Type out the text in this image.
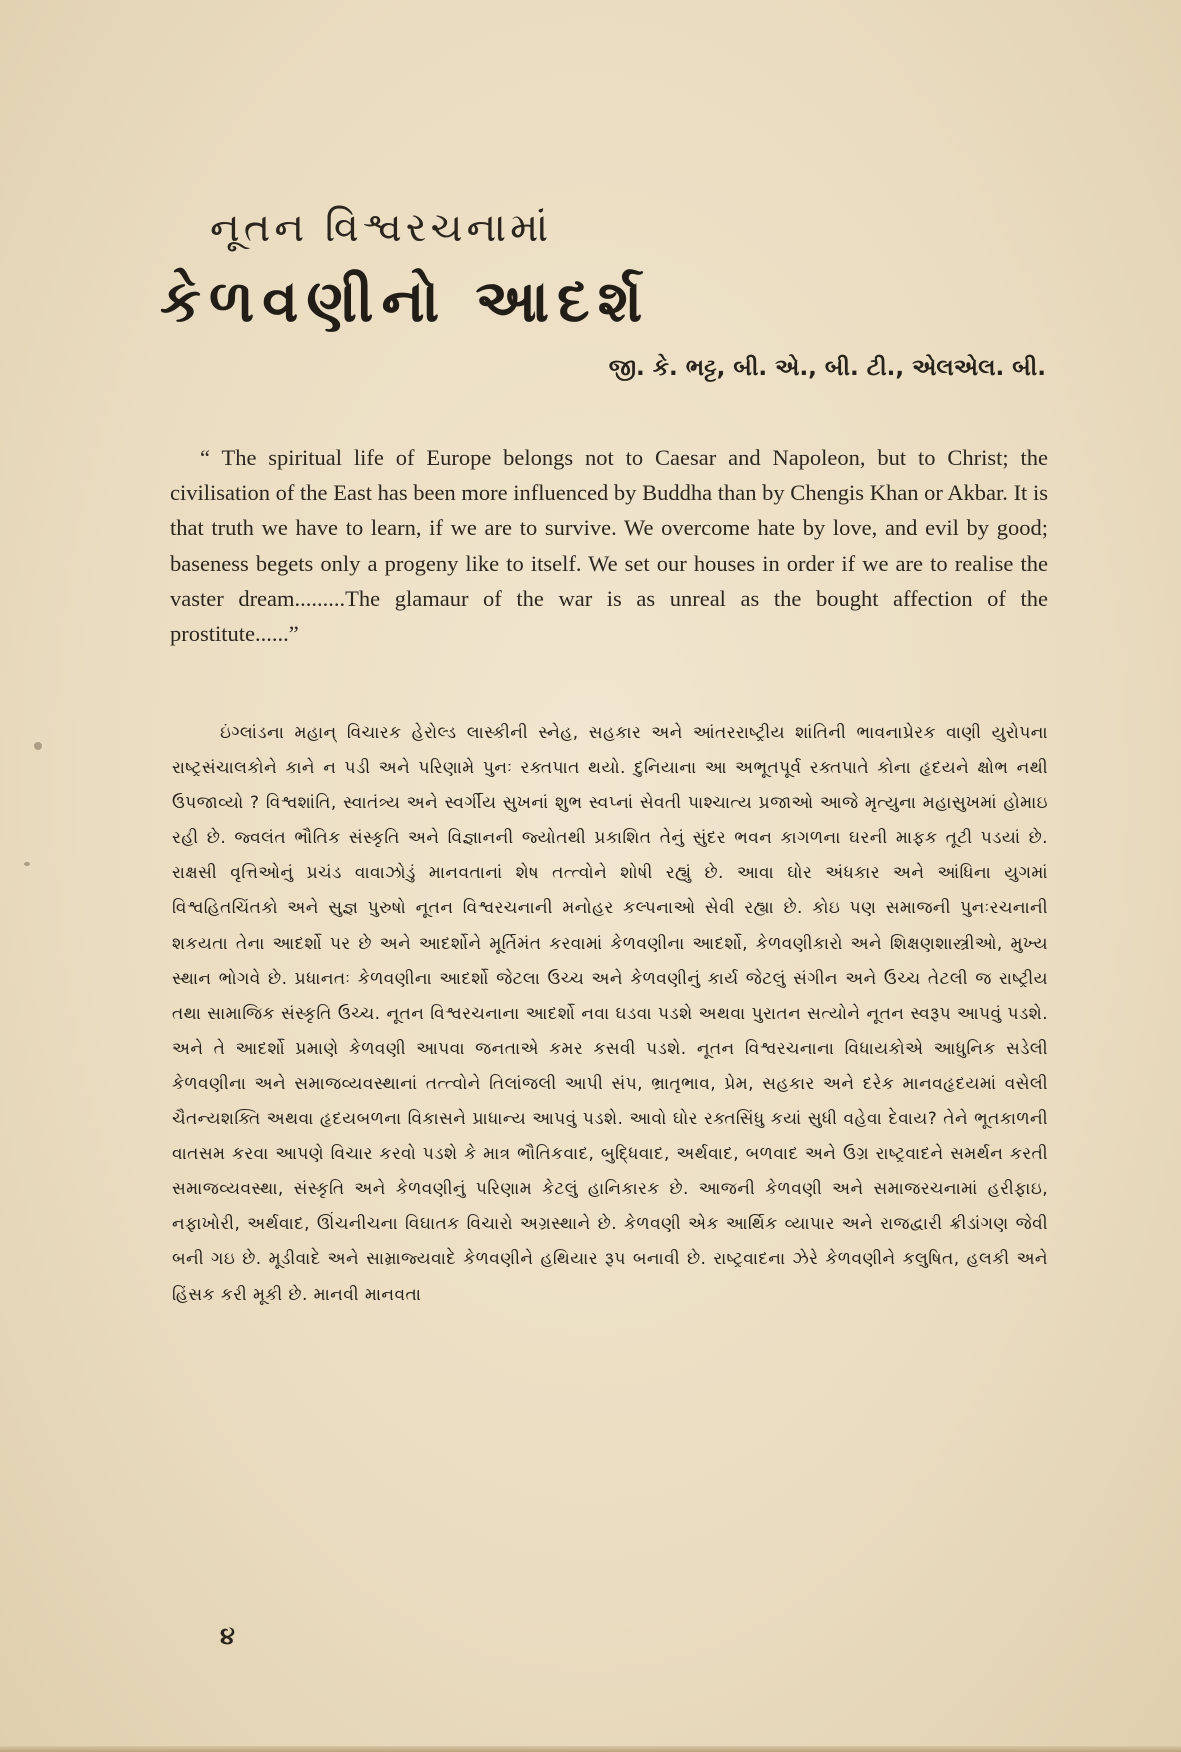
નૂતન વિશ્વરચનામાં
કેળવણીનો આદર્શ
જી. કે. ભટ્ટ, બી. એ., બી. ટી., એલએલ. બી.

“ The spiritual life of Europe belongs not to Caesar and Napoleon, but to Christ; the civilisation of the East has been more influenced by Buddha than by Chengis Khan or Akbar. It is that truth we have to learn, if we are to survive. We overcome hate by love, and evil by good; baseness begets only a progeny like to itself. We set our houses in order if we are to realise the vaster dream.........The glamaur of the war is as unreal as the bought affection of the prostitute......”

ઇંગ્લાંડના મહાન્ વિચારક હેરોલ્ડ લાસ્કીની સ્નેહ, સહકાર અને આંતરરાષ્ટ્રીય શાંતિની ભાવનાપ્રેરક વાણી યુરોપના રાષ્ટ્રસંચાલકોને કાને ન પડી અને પરિણામે પુનઃ રક્તપાત થયો. દુનિયાના આ અભૂતપૂર્વ રક્તપાતે કોના હૃદયને ક્ષોભ નથી ઉપજાવ્યો ? વિશ્વશાંતિ, સ્વાતંત્ર્ય અને સ્વર્ગીય સુખનાં શુભ સ્વપ્નાં સેવતી પાશ્ચાત્ય પ્રજાઓ આજે મૃત્યુના મહાસુખમાં હોમાઇ રહી છે. જ્વલંત ભૌતિક સંસ્કૃતિ અને વિજ્ઞાનની જ્યોતથી પ્રકાશિત તેનું સુંદર ભવન કાગળના ઘરની માફક તૂટી પડયાં છે. રાક્ષસી વૃત્તિઓનું પ્રચંડ વાવાઝોડું માનવતાનાં શેષ તત્ત્વોને શોષી રહ્યું છે. આવા ઘોર અંધકાર અને આંધિના યુગમાં વિશ્વહિતચિંતકો અને સુજ્ઞ પુરુષો નૂતન વિશ્વરચનાની મનોહર કલ્પનાઓ સેવી રહ્યા છે. કોઇ પણ સમાજની પુનઃરચનાની શકયતા તેના આદર્શો પર છે અને આદર્શોને મૂર્તિમંત કરવામાં કેળવણીના આદર્શો, કેળવણીકારો અને શિક્ષણશાસ્ત્રીઓ, મુખ્ય સ્થાન ભોગવે છે. પ્રધાનતઃ કેળવણીના આદર્શો જેટલા ઉચ્ચ અને કેળવણીનું કાર્ય જેટલું સંગીન અને ઉચ્ચ તેટલી જ રાષ્ટ્રીય તથા સામાજિક સંસ્કૃતિ ઉચ્ચ. નૂતન વિશ્વરચનાના આદર્શો નવા ઘડવા પડશે અથવા પુરાતન સત્યોને નૂતન સ્વરૂપ આપવું પડશે. અને તે આદર્શો પ્રમાણે કેળવણી આપવા જનતાએ કમર કસવી પડશે. નૂતન વિશ્વરચનાના વિધાયકોએ આધુનિક સડેલી કેળવણીના અને સમાજવ્યવસ્થાનાં તત્ત્વોને તિલાંજલી આપી સંપ, ભ્રાતૃભાવ, પ્રેમ, સહકાર અને દરેક માનવહૃદયમાં વસેલી ચૈતન્યશક્તિ અથવા હૃદયબળના વિકાસને પ્રાધાન્ય આપવું પડશે. આવો ઘોર રક્તસિંધુ કયાં સુધી વહેવા દેવાય? તેને ભૂતકાળની વાતસમ કરવા આપણે વિચાર કરવો પડશે કે માત્ર ભૌતિકવાદ, બુદ્ધિવાદ, અર્થવાદ, બળવાદ અને ઉગ્ર રાષ્ટ્રવાદને સમર્થન કરતી સમાજવ્યવસ્થા, સંસ્કૃતિ અને કેળવણીનું પરિણામ કેટલું હાનિકારક છે. આજની કેળવણી અને સમાજરચનામાં હરીફાઇ, નફાખોરી, અર્થવાદ, ઊંચનીચના વિઘાતક વિચારો અગ્રસ્થાને છે. કેળવણી એક આર્થિક વ્યાપાર અને રાજદ્વારી ક્રીડાંગણ જેવી બની ગઇ છે. મૂડીવાદે અને સામ્રાજ્યવાદે કેળવણીને હથિયાર રૂપ બનાવી છે. રાષ્ટ્રવાદના ઝેરે કેળવણીને કલુષિત, હલકી અને હિંસક કરી મૂકી છે. માનવી માનવતા

૪
